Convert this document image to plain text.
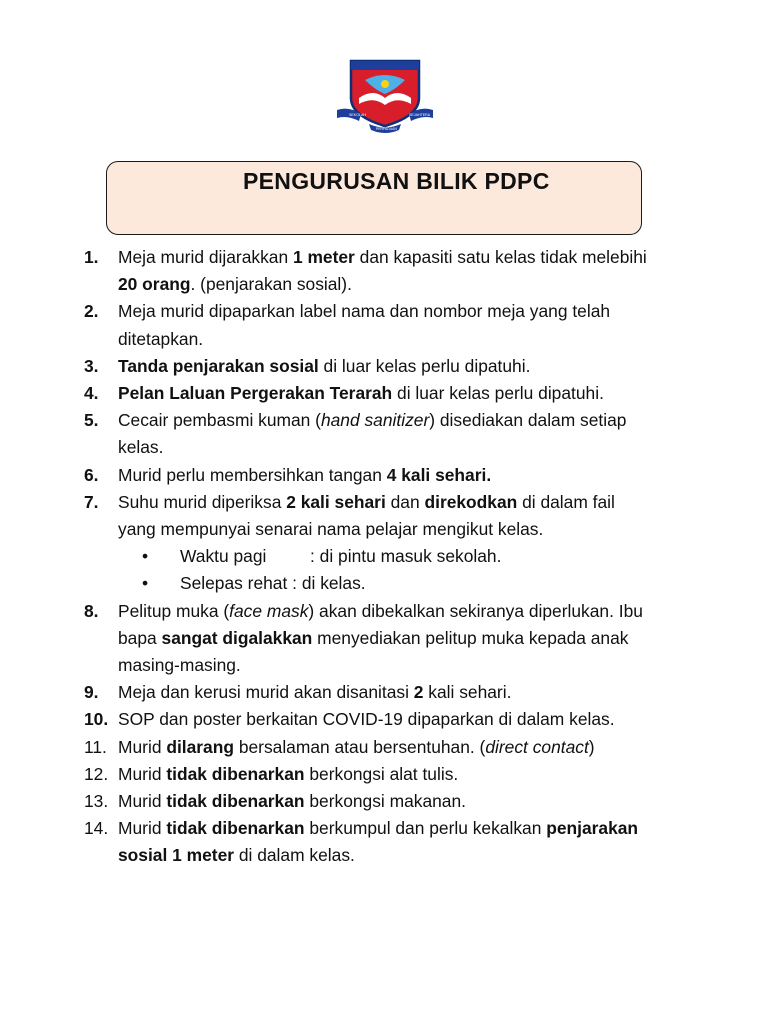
SEKOLAH	SEJAHTERA
PERPADUAN
PENGURUSAN BILIK PDPC
1. Meja murid dijarakkan 1 meter dan kapasiti satu kelas tidak melebihi
20 orang. (penjarakan sosial).
2. Meja murid dipaparkan label nama dan nombor meja yang telah
ditetapkan.
3. Tanda penjarakan sosial di luar kelas perlu dipatuhi.
4. Pelan Laluan Pergerakan Terarah di luar kelas perlu dipatuhi.
5. Cecair pembasmi kuman (hand sanitizer) disediakan dalam setiap
kelas.
6. Murid perlu membersihkan tangan 4 kali sehari.
7. Suhu murid diperiksa 2 kali sehari dan direkodkan di dalam fail
yang mempunyai senarai nama pelajar mengikut kelas.
• Waktu pagi	: di pintu masuk sekolah.
• Selepas rehat : di kelas.
8. Pelitup muka (face mask) akan dibekalkan sekiranya diperlukan. Ibu
bapa sangat digalakkan menyediakan pelitup muka kepada anak
masing-masing.
9. Meja dan kerusi murid akan disanitasi 2 kali sehari.
10. SOP dan poster berkaitan COVID-19 dipaparkan di dalam kelas.
11. Murid dilarang bersalaman atau bersentuhan. (direct contact)
12. Murid tidak dibenarkan berkongsi alat tulis.
13. Murid tidak dibenarkan berkongsi makanan.
14. Murid tidak dibenarkan berkumpul dan perlu kekalkan penjarakan
sosial 1 meter di dalam kelas.
